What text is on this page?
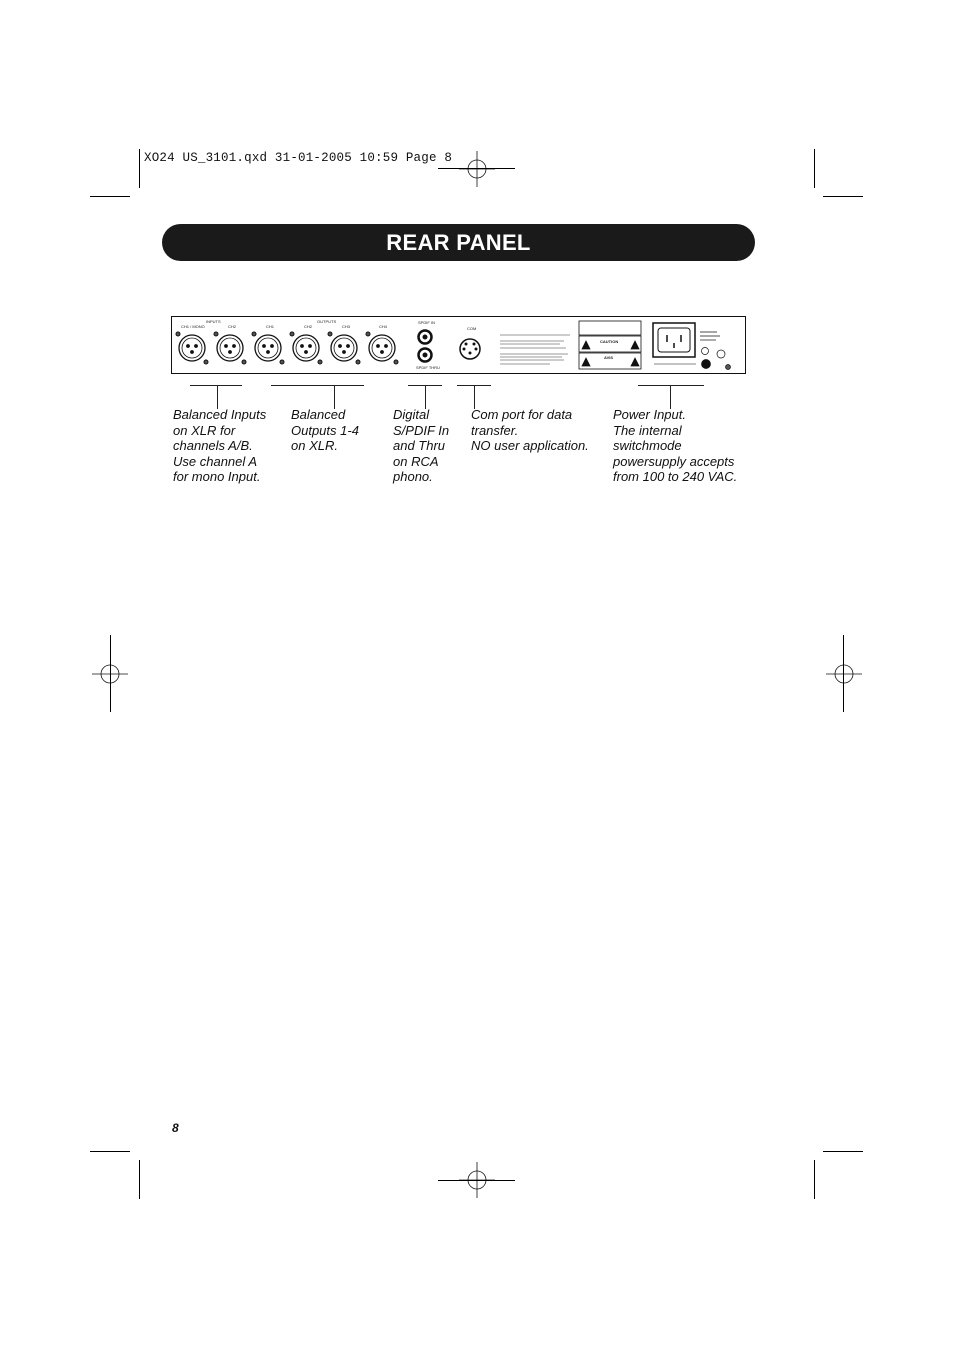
XO24 US_3101.qxd 31-01-2005 10:59 Page 8
REAR PANEL
INPUTS	OUTPUTS
CH1 / MONO	CH2	CH1	CH2	CH3	CH4
SPDIF IN
SPDIF THRU
COM
CAUTION
AVIS
Balanced Inputs
on XLR for
channels A/B.
Use channel A
for mono Input.
Balanced
Outputs 1-4
on XLR.
Digital
S/PDIF In
and Thru
on RCA
phono.
Com port for data
transfer.
NO user application.
Power Input.
The internal
switchmode
powersupply accepts
from 100 to 240 VAC.
8
